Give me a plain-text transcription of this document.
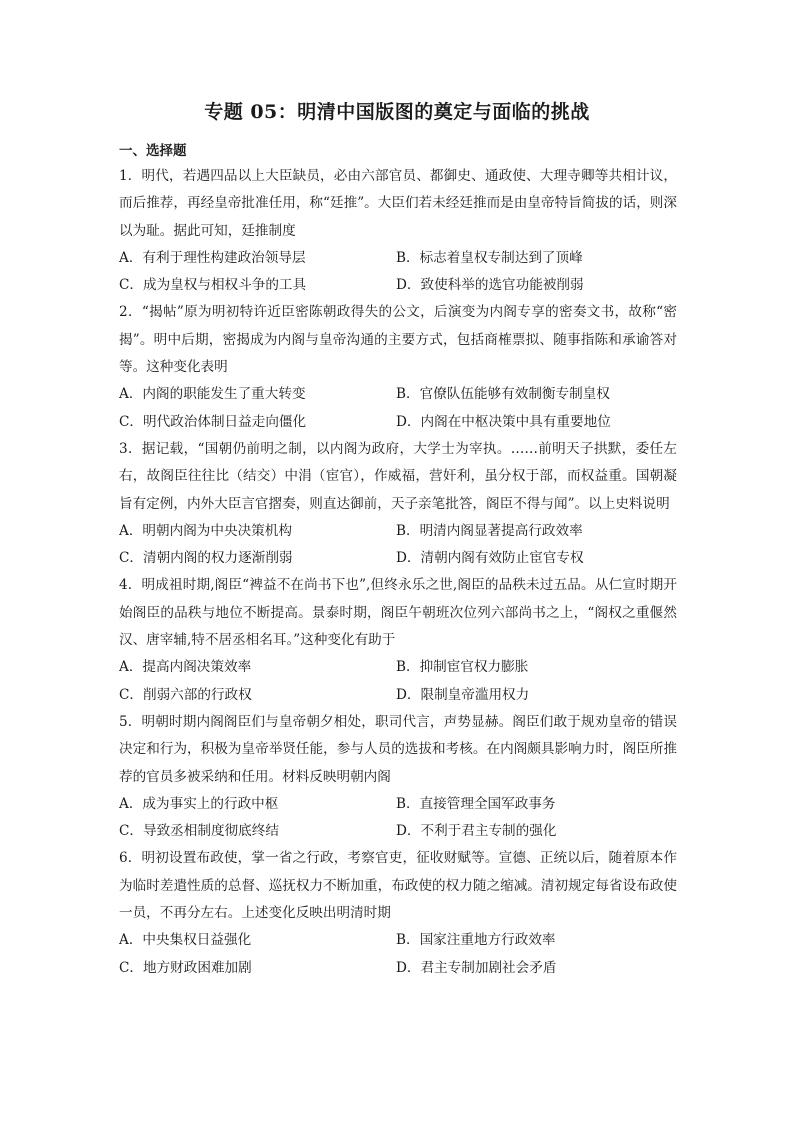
专题 05：明清中国版图的奠定与面临的挑战
一、选择题
1．明代，若遇四品以上大臣缺员，必由六部官员、都御史、通政使、大理寺卿等共相计议，而后推荐，再经皇帝批准任用，称“廷推”。大臣们若未经廷推而是由皇帝特旨简拔的话，则深以为耻。据此可知，廷推制度
A．有利于理性构建政治领导层	B．标志着皇权专制达到了顶峰
C．成为皇权与相权斗争的工具	D．致使科举的选官功能被削弱
2．“揭帖”原为明初特许近臣密陈朝政得失的公文，后演变为内阁专享的密奏文书，故称“密揭”。明中后期，密揭成为内阁与皇帝沟通的主要方式，包括商榷票拟、随事指陈和承谕答对等。这种变化表明
A．内阁的职能发生了重大转变	B．官僚队伍能够有效制衡专制皇权
C．明代政治体制日益走向僵化	D．内阁在中枢决策中具有重要地位
3．据记载，“国朝仍前明之制，以内阁为政府，大学士为宰执。……前明天子拱默，委任左右，故阁臣往往比（结交）中涓（宦官），作威福，营奸利，虽分权于部，而权益重。国朝凝旨有定例，内外大臣言官摺奏，则直达御前，天子亲笔批答，阁臣不得与闻”。以上史料说明
A．明朝内阁为中央决策机构	B．明清内阁显著提高行政效率
C．清朝内阁的权力逐渐削弱	D．清朝内阁有效防止宦官专权
4．明成祖时期,阁臣“裨益不在尚书下也”,但终永乐之世,阁臣的品秩未过五品。从仁宣时期开始阁臣的品秩与地位不断提高。景泰时期，阁臣午朝班次位列六部尚书之上，“阁权之重偃然汉、唐宰辅,特不居丞相名耳。”这种变化有助于
A．提高内阁决策效率	B．抑制宦官权力膨胀
C．削弱六部的行政权	D．限制皇帝滥用权力
5．明朝时期内阁阁臣们与皇帝朝夕相处，职司代言，声势显赫。阁臣们敢于规劝皇帝的错误决定和行为，积极为皇帝举贤任能，参与人员的选拔和考核。在内阁颇具影响力时，阁臣所推荐的官员多被采纳和任用。材料反映明朝内阁
A．成为事实上的行政中枢	B．直接管理全国军政事务
C．导致丞相制度彻底终结	D．不利于君主专制的强化
6．明初设置布政使，掌一省之行政，考察官吏，征收财赋等。宣德、正统以后，随着原本作为临时差遣性质的总督、巡抚权力不断加重，布政使的权力随之缩减。清初规定每省设布政使一员，不再分左右。上述变化反映出明清时期
A．中央集权日益强化	B．国家注重地方行政效率
C．地方财政困难加剧	D．君主专制加剧社会矛盾
